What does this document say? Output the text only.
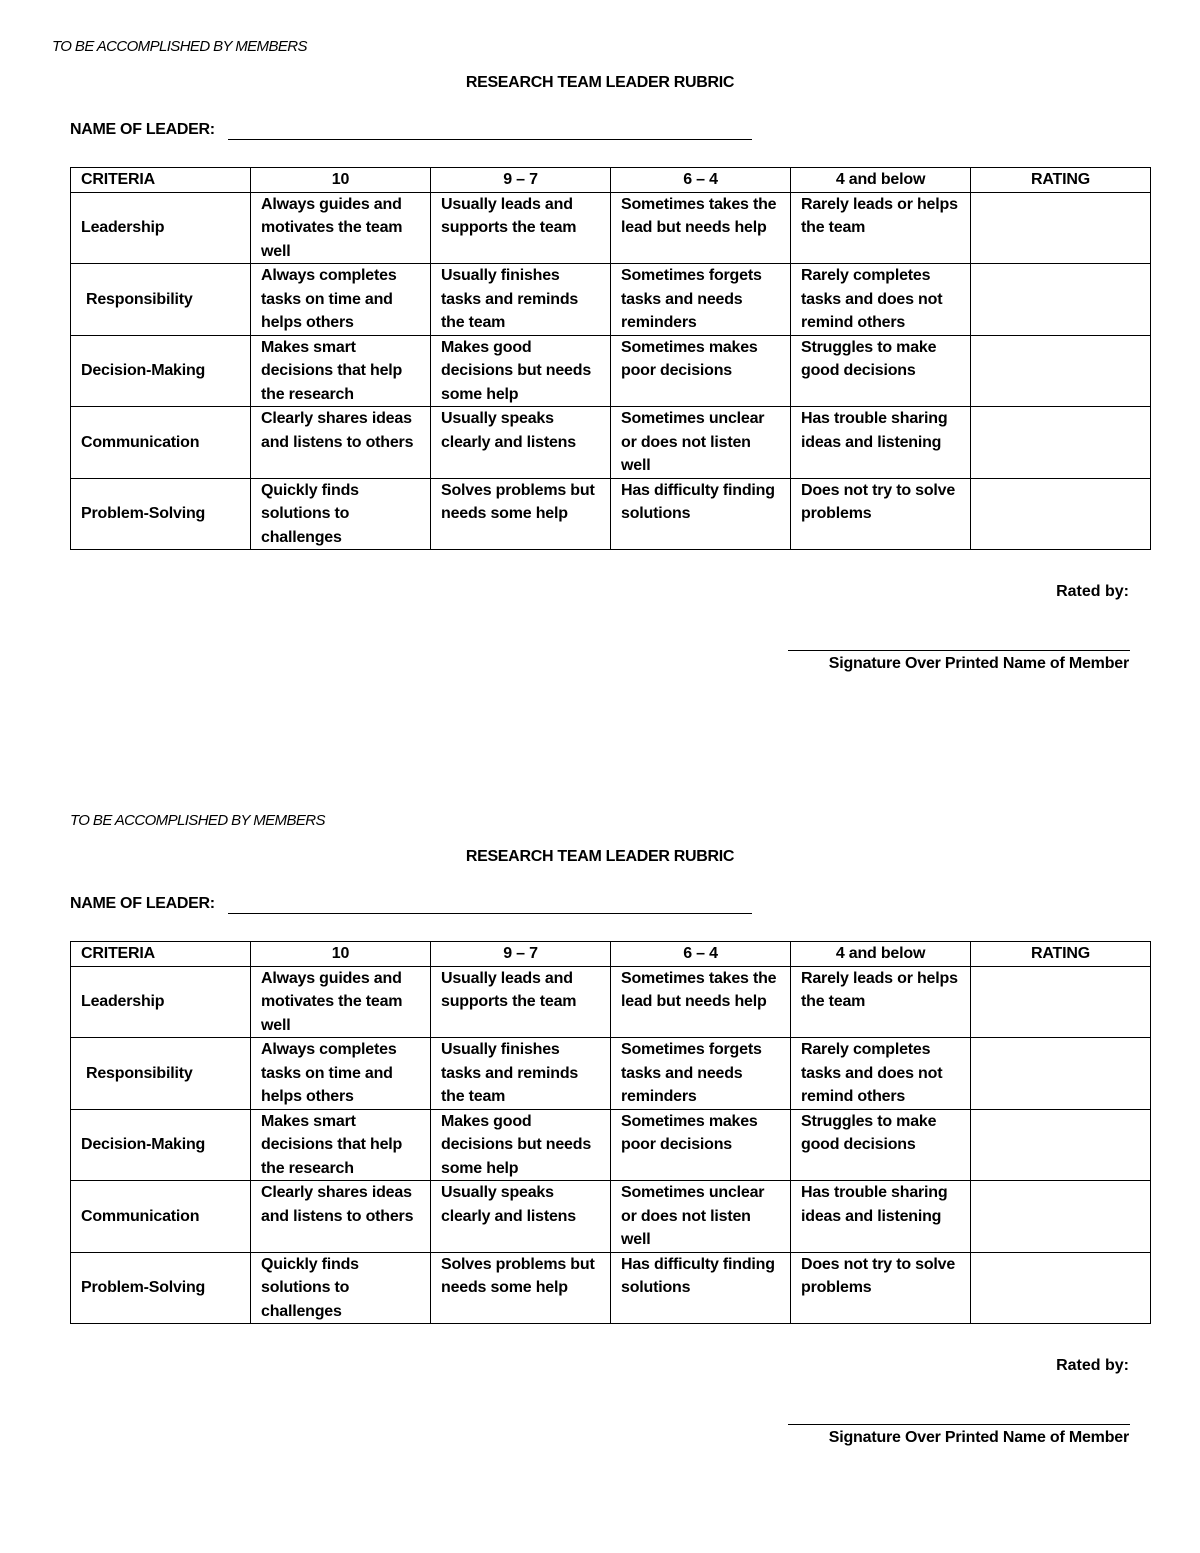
TO BE ACCOMPLISHED BY MEMBERS
RESEARCH TEAM LEADER RUBRIC
NAME OF LEADER:
CRITERIA	10	9 – 7	6 – 4	4 and below	RATING
Leadership	Always guides and motivates the team well	Usually leads and supports the team	Sometimes takes the lead but needs help	Rarely leads or helps the team	
Responsibility	Always completes tasks on time and helps others	Usually finishes tasks and reminds the team	Sometimes forgets tasks and needs reminders	Rarely completes tasks and does not remind others	
Decision-Making	Makes smart decisions that help the research	Makes good decisions but needs some help	Sometimes makes poor decisions	Struggles to make good decisions	
Communication	Clearly shares ideas and listens to others	Usually speaks clearly and listens	Sometimes unclear or does not listen well	Has trouble sharing ideas and listening	
Problem-Solving	Quickly finds solutions to challenges	Solves problems but needs some help	Has difficulty finding solutions	Does not try to solve problems	
Rated by:
Signature Over Printed Name of Member
TO BE ACCOMPLISHED BY MEMBERS
RESEARCH TEAM LEADER RUBRIC
NAME OF LEADER:
CRITERIA	10	9 – 7	6 – 4	4 and below	RATING
Leadership	Always guides and motivates the team well	Usually leads and supports the team	Sometimes takes the lead but needs help	Rarely leads or helps the team	
Responsibility	Always completes tasks on time and helps others	Usually finishes tasks and reminds the team	Sometimes forgets tasks and needs reminders	Rarely completes tasks and does not remind others	
Decision-Making	Makes smart decisions that help the research	Makes good decisions but needs some help	Sometimes makes poor decisions	Struggles to make good decisions	
Communication	Clearly shares ideas and listens to others	Usually speaks clearly and listens	Sometimes unclear or does not listen well	Has trouble sharing ideas and listening	
Problem-Solving	Quickly finds solutions to challenges	Solves problems but needs some help	Has difficulty finding solutions	Does not try to solve problems	
Rated by:
Signature Over Printed Name of Member
